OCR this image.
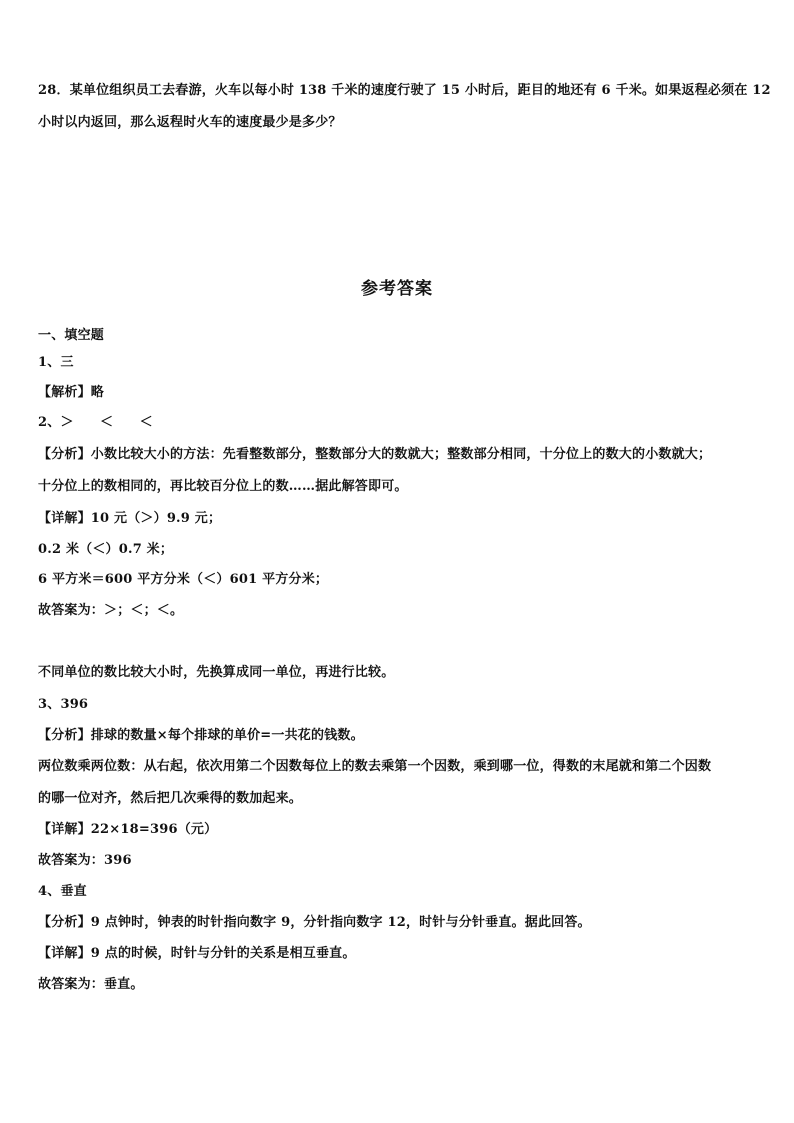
28．某单位组织员工去春游，火车以每小时 138 千米的速度行驶了 15 小时后，距目的地还有 6 千米。如果返程必须在 12
小时以内返回，那么返程时火车的速度最少是多少？
参考答案
一、填空题
1、三
【解析】略
2、＞　　＜　　＜
【分析】小数比较大小的方法：先看整数部分，整数部分大的数就大；整数部分相同，十分位上的数大的小数就大；
十分位上的数相同的，再比较百分位上的数……据此解答即可。
【详解】10 元（＞）9.9 元；
0.2 米（＜）0.7 米；
6 平方米＝600 平方分米（＜）601 平方分米；
故答案为：＞；＜；＜。
不同单位的数比较大小时，先换算成同一单位，再进行比较。
3、396
【分析】排球的数量×每个排球的单价=一共花的钱数。
两位数乘两位数：从右起，依次用第二个因数每位上的数去乘第一个因数，乘到哪一位，得数的末尾就和第二个因数
的哪一位对齐，然后把几次乘得的数加起来。
【详解】22×18=396（元）
故答案为：396
4、垂直
【分析】9 点钟时，钟表的时针指向数字 9，分针指向数字 12，时针与分针垂直。据此回答。
【详解】9 点的时候，时针与分针的关系是相互垂直。
故答案为：垂直。
